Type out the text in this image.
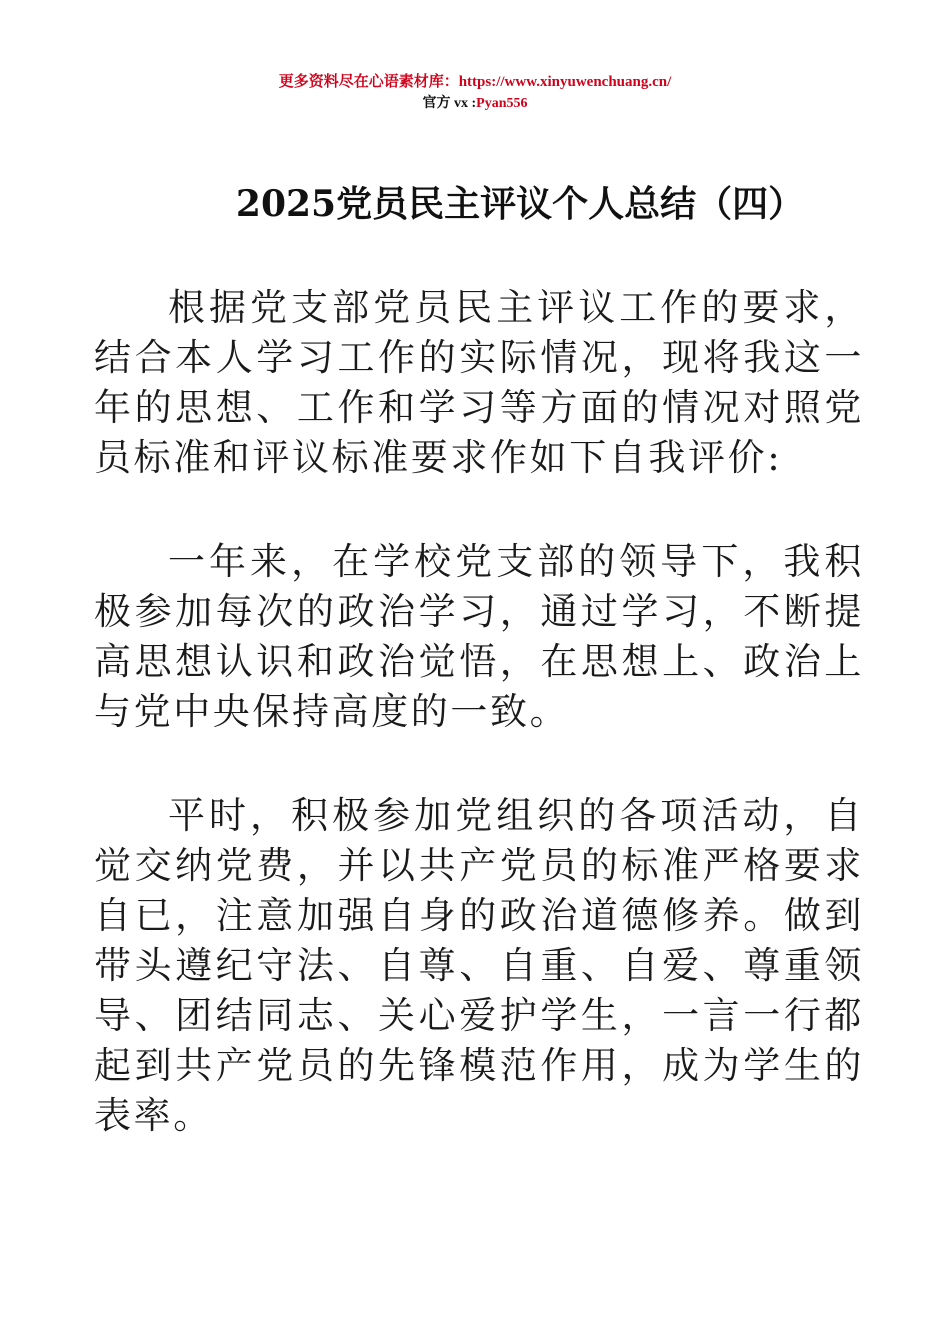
更多资料尽在心语素材库：https://www.xinyuwenchuang.cn/
官方 vx :Pyan556
2025党员民主评议个人总结（四）

根据党支部党员民主评议工作的要求，结合本人学习工作的实际情况，现将我这一年的思想、工作和学习等方面的情况对照党员标准和评议标准要求作如下自我评价:

一年来，在学校党支部的领导下，我积极参加每次的政治学习，通过学习，不断提高思想认识和政治觉悟，在思想上、政治上与党中央保持高度的一致。

平时，积极参加党组织的各项活动，自觉交纳党费，并以共产党员的标准严格要求自已，注意加强自身的政治道德修养。做到带头遵纪守法、自尊、自重、自爱、尊重领导、团结同志、关心爱护学生，一言一行都起到共产党员的先锋模范作用，成为学生的表率。
